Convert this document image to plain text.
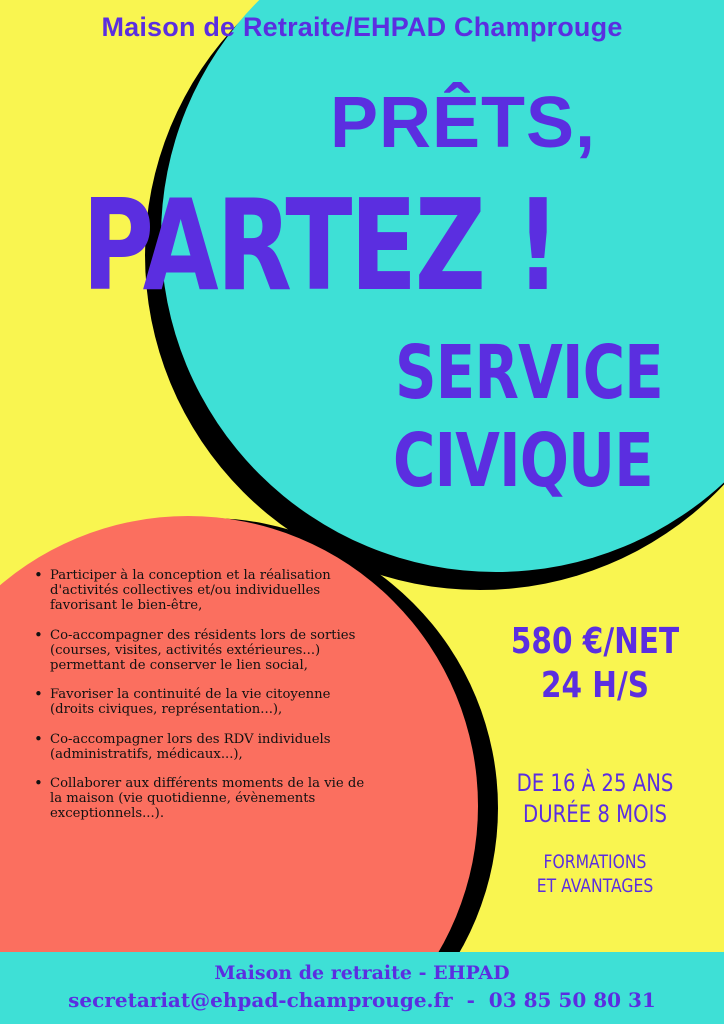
Maison de Retraite/EHPAD Champrouge
PRÊTS,
PARTEZ !
SERVICE
CIVIQUE
• Participer à la conception et la réalisation d'activités collectives et/ou individuelles favorisant le bien-être,
• Co-accompagner des résidents lors de sorties (courses, visites, activités extérieures...) permettant de conserver le lien social,
• Favoriser la continuité de la vie citoyenne (droits civiques, représentation...),
• Co-accompagner lors des RDV individuels (administratifs, médicaux...),
• Collaborer aux différents moments de la vie de la maison (vie quotidienne, évènements exceptionnels...).
580 €/NET
24 H/S
DE 16 À 25 ANS
DURÉE 8 MOIS
FORMATIONS
ET AVANTAGES
Maison de retraite - EHPAD
secretariat@ehpad-champrouge.fr  -  03 85 50 80 31
